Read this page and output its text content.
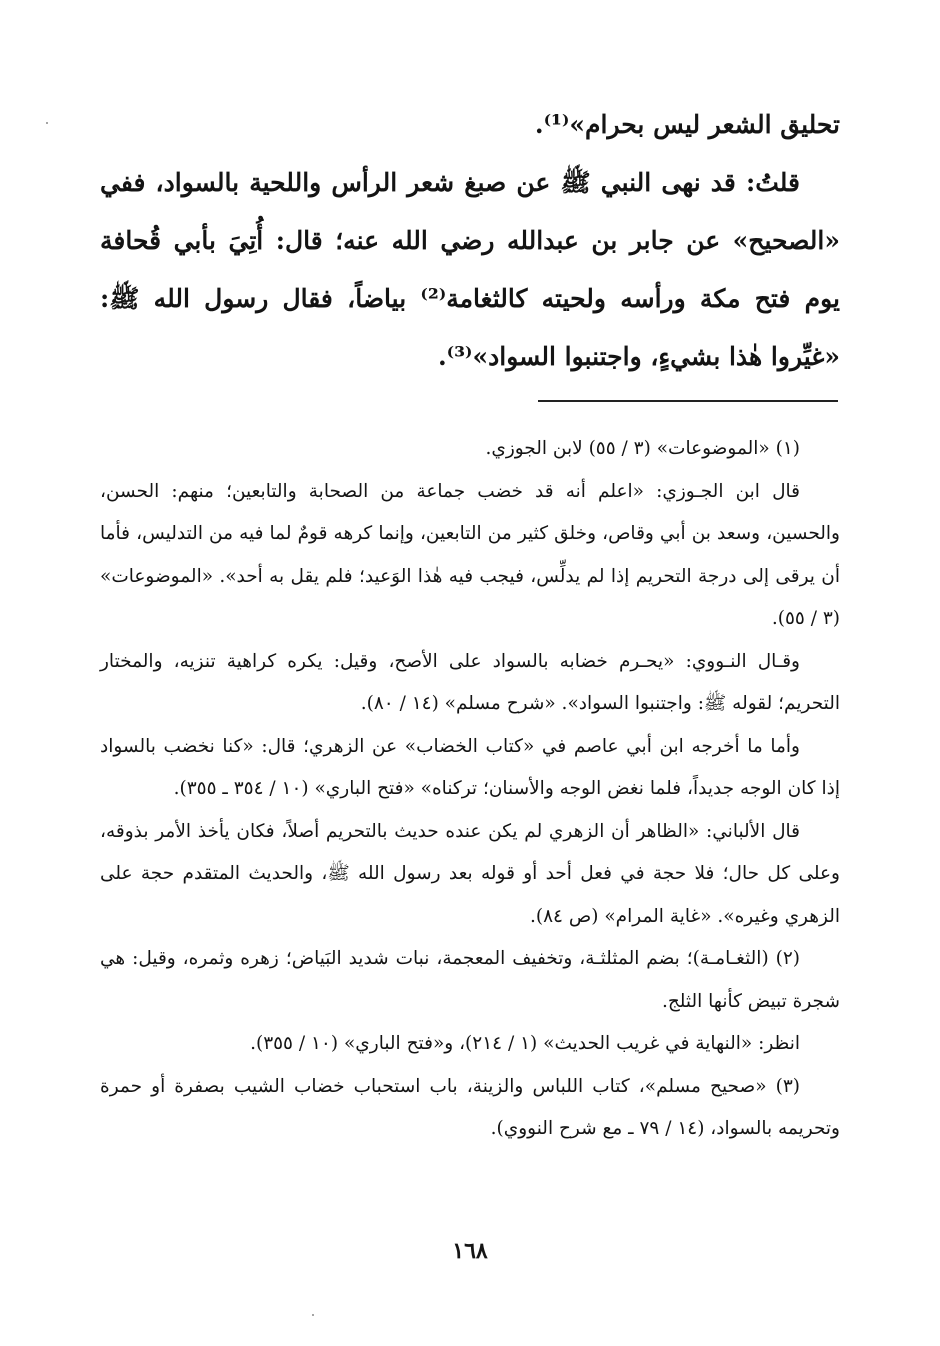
تحليق الشعر ليس بحرام»⁽¹⁾.

قلتُ: قد نهى النبي ﷺ عن صبغ شعر الرأس واللحية بالسواد، ففي «الصحيح» عن جابر بن عبدالله رضي الله عنه؛ قال: أُتِيَ بأبي قُحافة يوم فتح مكة ورأسه ولحيته كالثغامة⁽²⁾ بياضاً، فقال رسول الله ﷺ: «غيِّروا هٰذا بشيءٍ، واجتنبوا السواد»⁽³⁾.

(١) «الموضوعات» (٣ / ٥٥) لابن الجوزي.

قال ابن الجـوزي: «اعلم أنه قد خضب جماعة من الصحابة والتابعين؛ منهم: الحسن، والحسين، وسعد بن أبي وقاص، وخلق كثير من التابعين، وإنما كرهه قومٌ لما فيه من التدليس، فأما أن يرقى إلى درجة التحريم إذا لم يدلِّس، فيجب فيه هٰذا الوَعيد؛ فلم يقل به أحد». «الموضوعات» (٣ / ٥٥).

وقـال النـووي: «يحـرم خضابه بالسواد على الأصح، وقيل: يكره كراهية تنزيه، والمختار التحريم؛ لقوله ﷺ: واجتنبوا السواد». «شرح مسلم» (١٤ / ٨٠).

وأما ما أخرجه ابن أبي عاصم في «كتاب الخضاب» عن الزهري؛ قال: «كنا نخضب بالسواد إذا كان الوجه جديداً، فلما نغض الوجه والأسنان؛ تركناه» «فتح الباري» (١٠ / ٣٥٤ ـ ٣٥٥).

قال الألباني: «الظاهر أن الزهري لم يكن عنده حديث بالتحريم أصلاً، فكان يأخذ الأمر بذوقه، وعلى كل حال؛ فلا حجة في فعل أحد أو قوله بعد رسول الله ﷺ، والحديث المتقدم حجة على الزهري وغيره». «غاية المرام» (ص ٨٤).

(٢) (الثغـامـة)؛ بضم المثلثـة، وتخفيف المعجمة، نبات شديد البَياض؛ زهره وثمره، وقيل: هي شجرة تبيض كأنها الثلج.

انظر: «النهاية في غريب الحديث» (١ / ٢١٤)، و«فتح الباري» (١٠ / ٣٥٥).

(٣) «صحيح مسلم»، كتاب اللباس والزينة، باب استحباب خضاب الشيب بصفرة أو حمرة وتحريمه بالسواد، (١٤ / ٧٩ ـ مع شرح النووي).

١٦٨
